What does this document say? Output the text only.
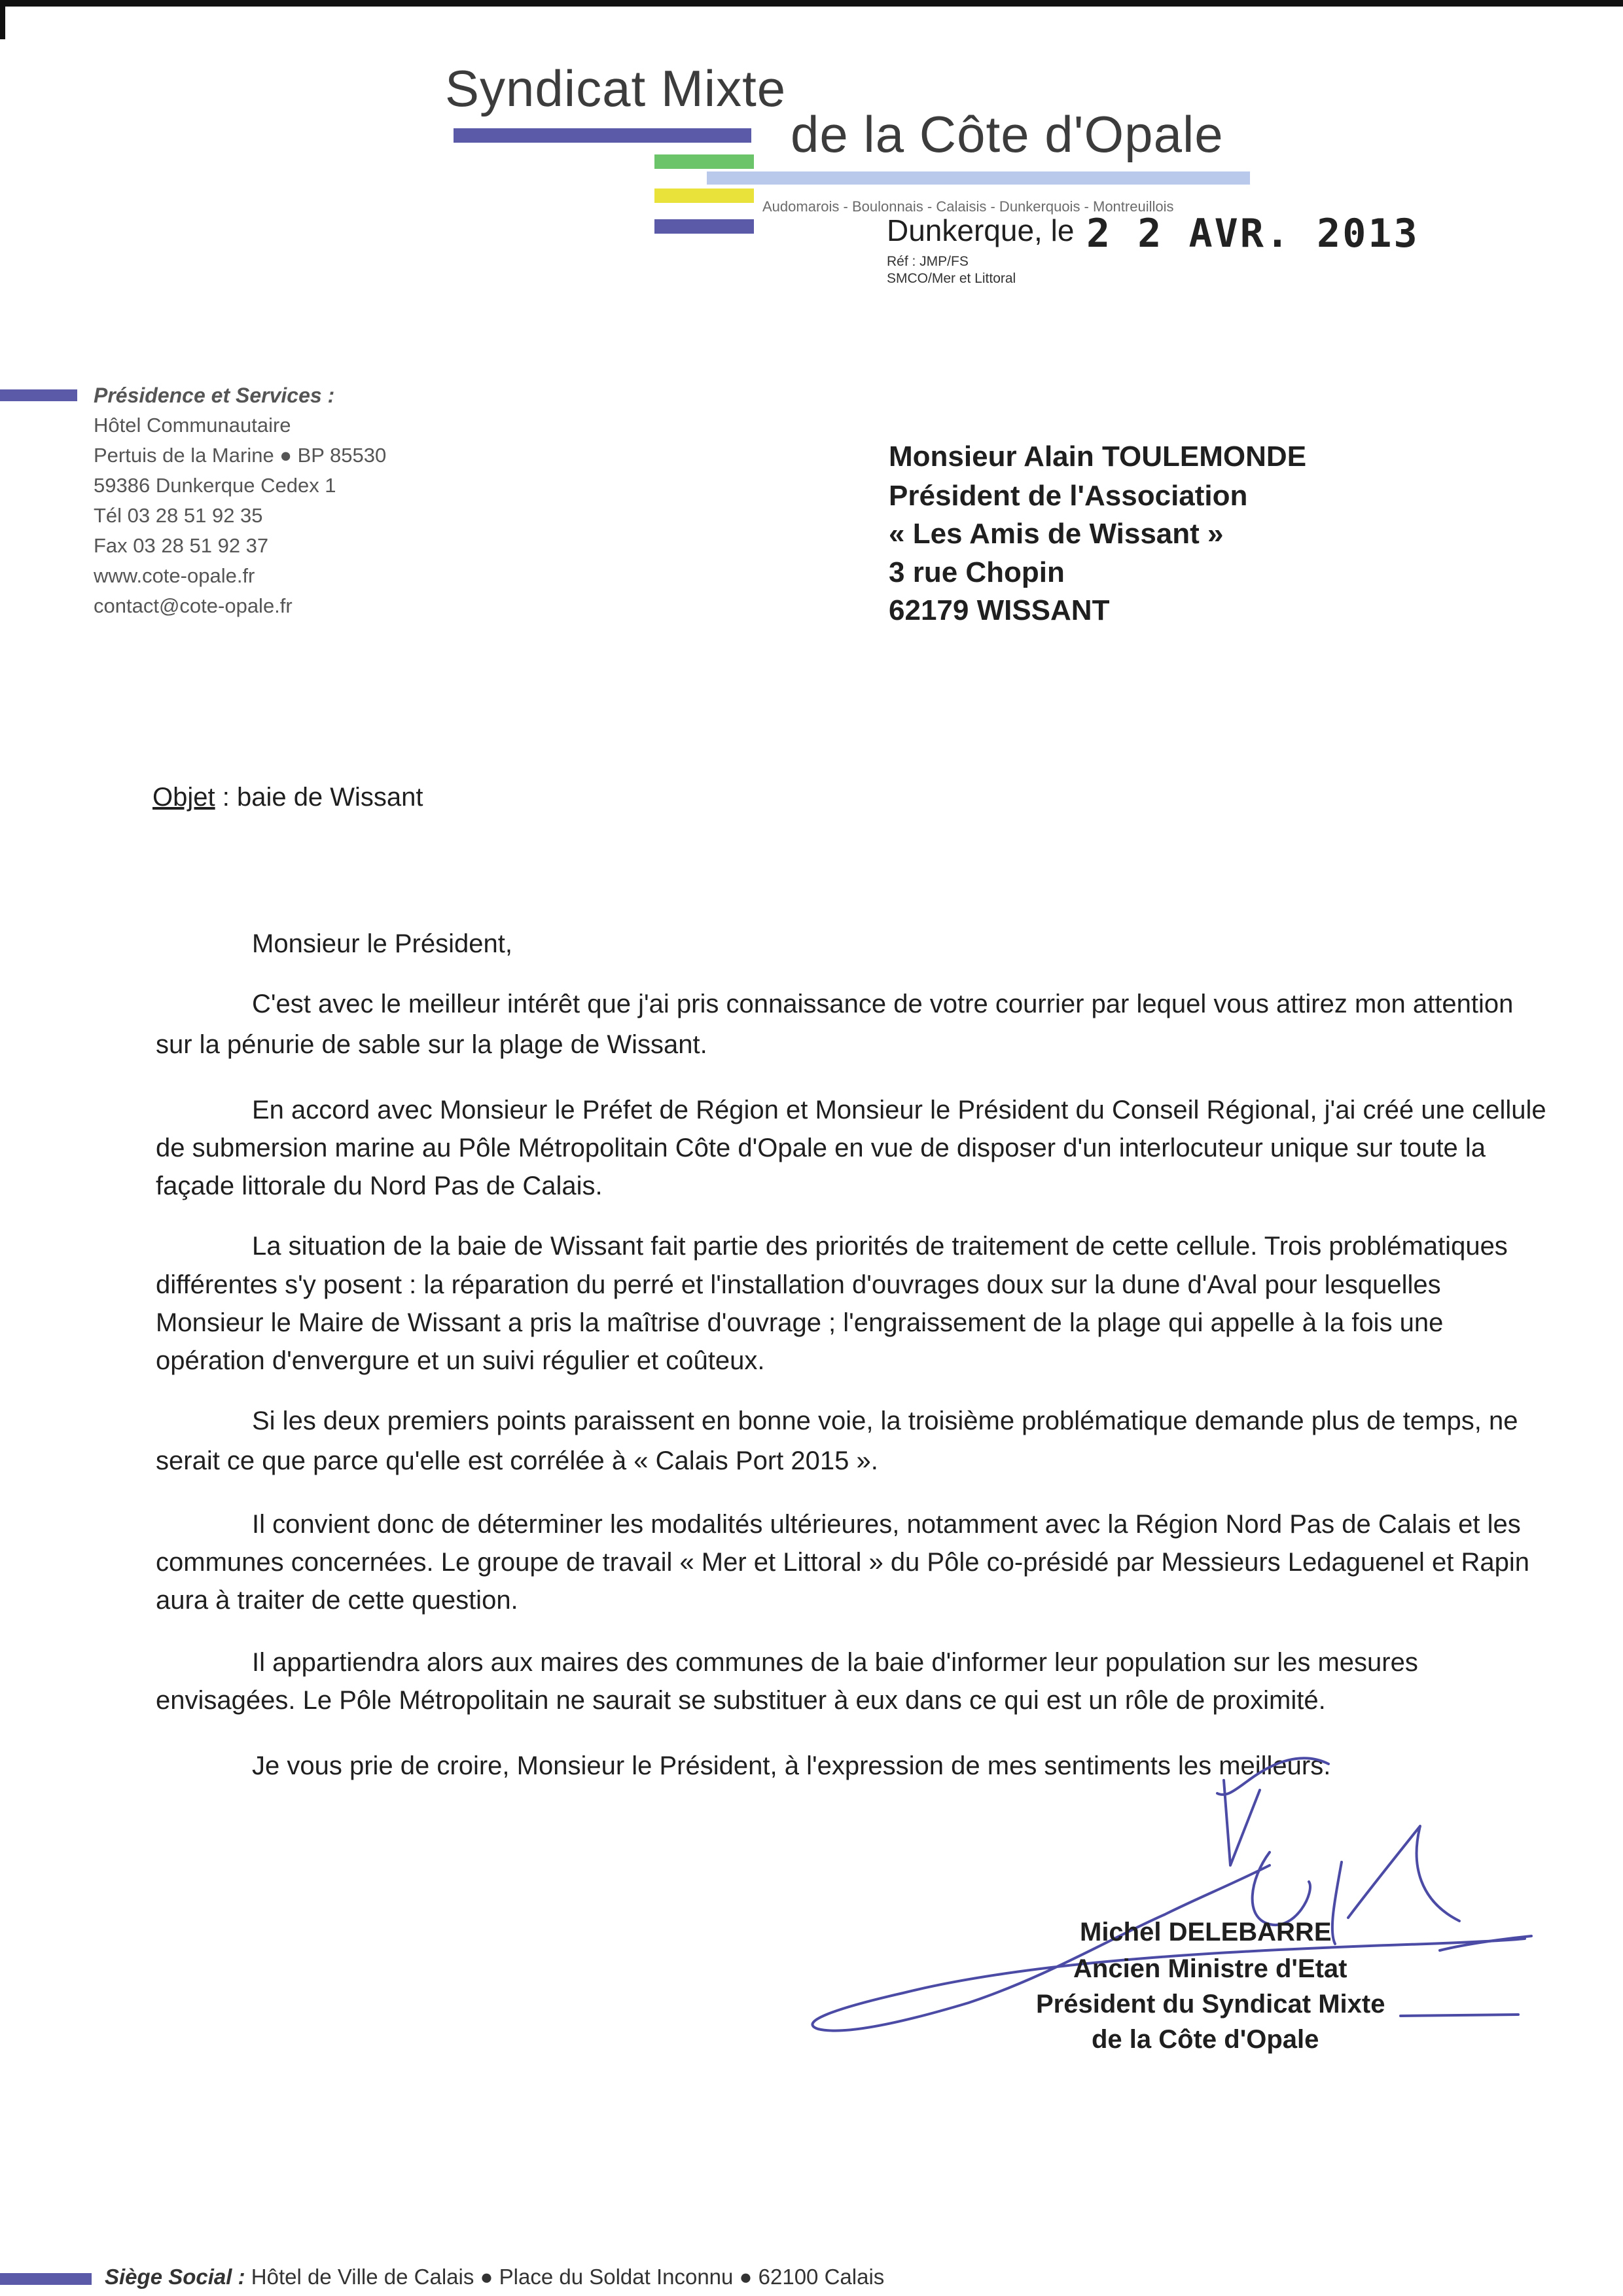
Syndicat Mixte
de la Côte d'Opale
Audomarois - Boulonnais - Calaisis - Dunkerquois - Montreuillois
Dunkerque, le 2 2 AVR. 2013
Réf : JMP/FS
SMCO/Mer et Littoral
Présidence et Services :
Hôtel Communautaire
Pertuis de la Marine ● BP 85530
59386 Dunkerque Cedex 1
Tél 03 28 51 92 35
Fax 03 28 51 92 37
www.cote-opale.fr
contact@cote-opale.fr
Monsieur Alain TOULEMONDE
Président de l'Association
« Les Amis de Wissant »
3 rue Chopin
62179 WISSANT
Objet : baie de Wissant
Monsieur le Président,
C'est avec le meilleur intérêt que j'ai pris connaissance de votre courrier par lequel vous attirez mon attention
sur la pénurie de sable sur la plage de Wissant.
En accord avec Monsieur le Préfet de Région et Monsieur le Président du Conseil Régional, j'ai créé une cellule
de submersion marine au Pôle Métropolitain Côte d'Opale en vue de disposer d'un interlocuteur unique sur toute la
façade littorale du Nord Pas de Calais.
La situation de la baie de Wissant fait partie des priorités de traitement de cette cellule. Trois problématiques
différentes s'y posent : la réparation du perré et l'installation d'ouvrages doux sur la dune d'Aval pour lesquelles
Monsieur le Maire de Wissant a pris la maîtrise d'ouvrage ; l'engraissement de la plage qui appelle à la fois une
opération d'envergure et un suivi régulier et coûteux.
Si les deux premiers points paraissent en bonne voie, la troisième problématique demande plus de temps, ne
serait ce que parce qu'elle est corrélée à « Calais Port 2015 ».
Il convient donc de déterminer les modalités ultérieures, notamment avec la Région Nord Pas de Calais et les
communes concernées. Le groupe de travail « Mer et Littoral » du Pôle co-présidé par Messieurs Ledaguenel et Rapin
aura à traiter de cette question.
Il appartiendra alors aux maires des communes de la baie d'informer leur population sur les mesures
envisagées. Le Pôle Métropolitain ne saurait se substituer à eux dans ce qui est un rôle de proximité.
Je vous prie de croire, Monsieur le Président, à l'expression de mes sentiments les meilleurs.
Michel DELEBARRE
Ancien Ministre d'Etat
Président du Syndicat Mixte
de la Côte d'Opale
Siège Social : Hôtel de Ville de Calais ● Place du Soldat Inconnu ● 62100 Calais
